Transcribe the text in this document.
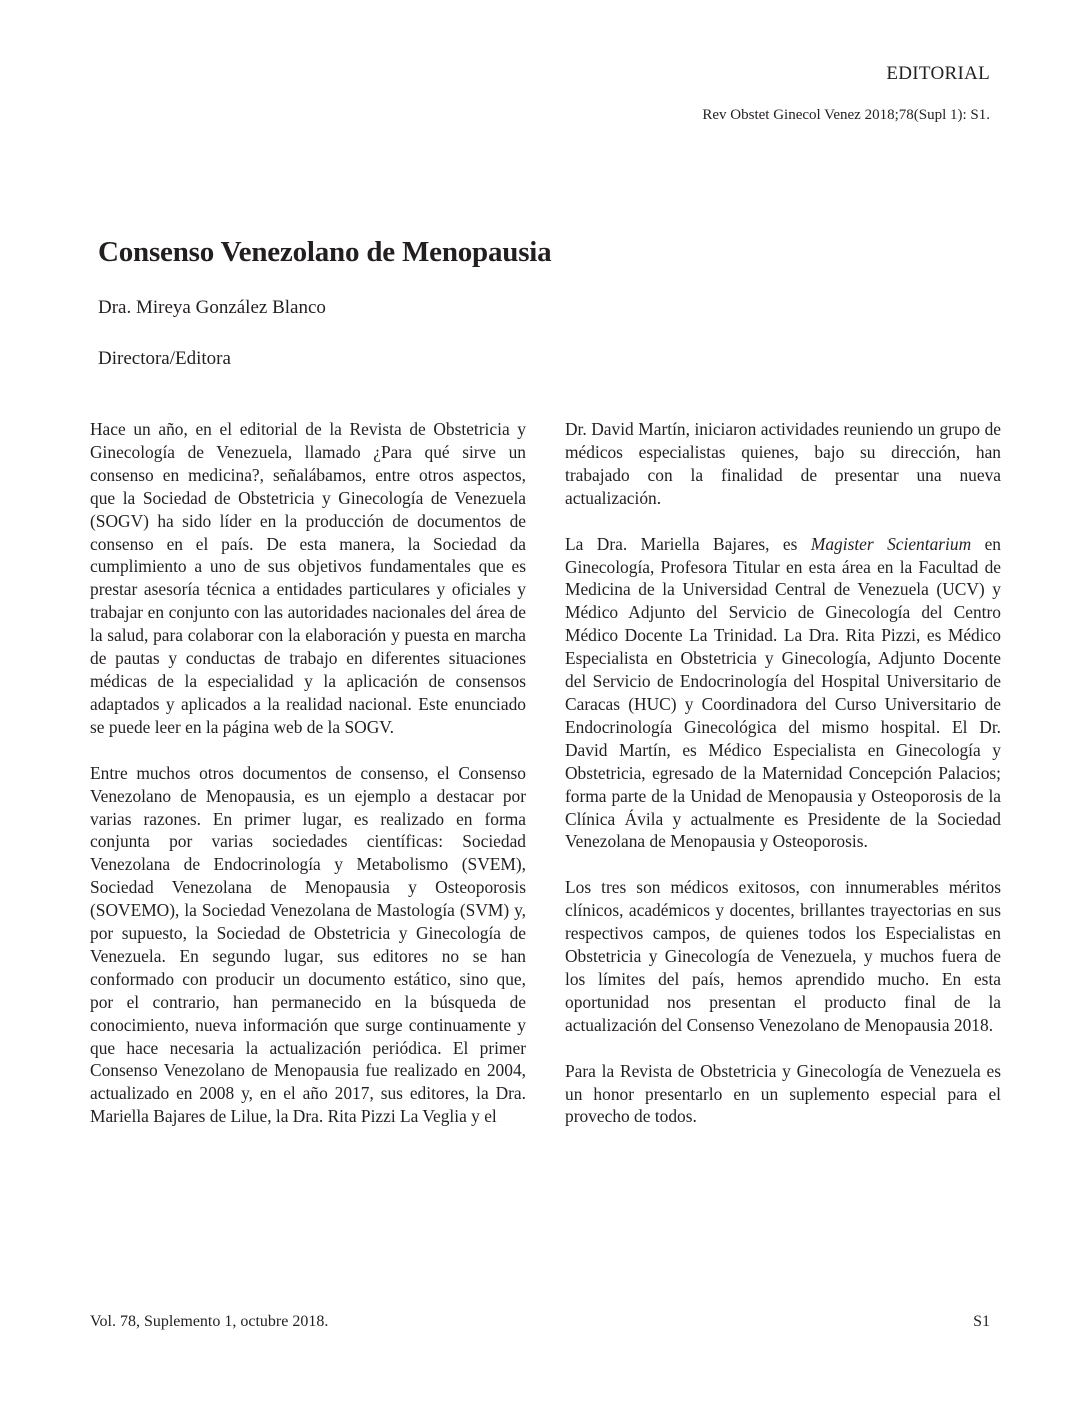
EDITORIAL
Rev Obstet Ginecol Venez 2018;78(Supl 1): S1.
Consenso Venezolano de Menopausia
Dra. Mireya González Blanco
Directora/Editora

Hace un año, en el editorial de la Revista de Obstetricia y Ginecología de Venezuela, llamado ¿Para qué sirve un consenso en medicina?, señalábamos, entre otros aspectos, que la Sociedad de Obstetricia y Ginecología de Venezuela (SOGV) ha sido líder en la producción de documentos de consenso en el país. De esta manera, la Sociedad da cumplimiento a uno de sus objetivos fundamentales que es prestar asesoría técnica a entidades particulares y oficiales y trabajar en conjunto con las autoridades nacionales del área de la salud, para colaborar con la elaboración y puesta en marcha de pautas y conductas de trabajo en diferentes situaciones médicas de la especialidad y la aplicación de consensos adaptados y aplicados a la realidad nacional. Este enunciado se puede leer en la página web de la SOGV.

Entre muchos otros documentos de consenso, el Consenso Venezolano de Menopausia, es un ejemplo a destacar por varias razones. En primer lugar, es realizado en forma conjunta por varias sociedades científicas: Sociedad Venezolana de Endocrinología y Metabolismo (SVEM), Sociedad Venezolana de Menopausia y Osteoporosis (SOVEMO), la Sociedad Venezolana de Mastología (SVM) y, por supuesto, la Sociedad de Obstetricia y Ginecología de Venezuela. En segundo lugar, sus editores no se han conformado con producir un documento estático, sino que, por el contrario, han permanecido en la búsqueda de conocimiento, nueva información que surge continuamente y que hace necesaria la actualización periódica. El primer Consenso Venezolano de Menopausia fue realizado en 2004, actualizado en 2008 y, en el año 2017, sus editores, la Dra. Mariella Bajares de Lilue, la Dra. Rita Pizzi La Veglia y el

Dr. David Martín, iniciaron actividades reuniendo un grupo de médicos especialistas quienes, bajo su dirección, han trabajado con la finalidad de presentar una nueva actualización.

La Dra. Mariella Bajares, es Magister Scientarium en Ginecología, Profesora Titular en esta área en la Facultad de Medicina de la Universidad Central de Venezuela (UCV) y Médico Adjunto del Servicio de Ginecología del Centro Médico Docente La Trinidad. La Dra. Rita Pizzi, es Médico Especialista en Obstetricia y Ginecología, Adjunto Docente del Servicio de Endocrinología del Hospital Universitario de Caracas (HUC) y Coordinadora del Curso Universitario de Endocrinología Ginecológica del mismo hospital. El Dr. David Martín, es Médico Especialista en Ginecología y Obstetricia, egresado de la Maternidad Concepción Palacios; forma parte de la Unidad de Menopausia y Osteoporosis de la Clínica Ávila y actualmente es Presidente de la Sociedad Venezolana de Menopausia y Osteoporosis.

Los tres son médicos exitosos, con innumerables méritos clínicos, académicos y docentes, brillantes trayectorias en sus respectivos campos, de quienes todos los Especialistas en Obstetricia y Ginecología de Venezuela, y muchos fuera de los límites del país, hemos aprendido mucho. En esta oportunidad nos presentan el producto final de la actualización del Consenso Venezolano de Menopausia 2018.

Para la Revista de Obstetricia y Ginecología de Venezuela es un honor presentarlo en un suplemento especial para el provecho de todos.

Vol. 78, Suplemento 1, octubre 2018.	S1
